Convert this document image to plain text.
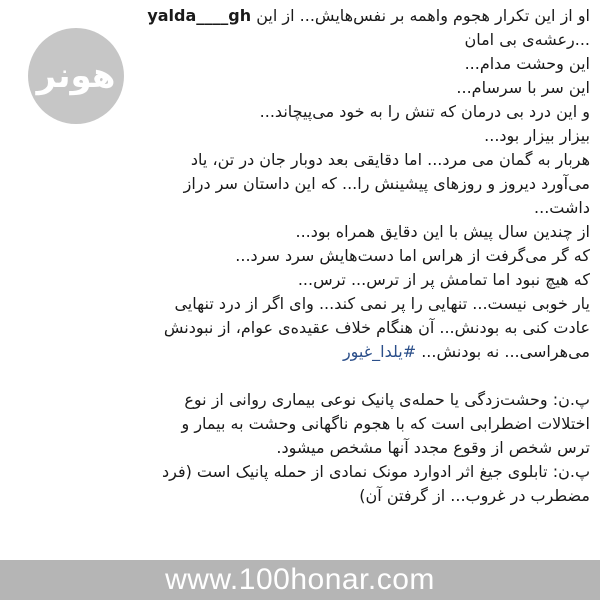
او از این تکرار هجوم واهمه بر نفس‌هایش... از این yalda____gh
...رعشه‌ی بی امان
این وحشت مدام...
این سر با سرسام...
و این درد بی درمان که تنش را به خود می‌پیچاند...
بیزار بیزار بود...
هربار به گمان می مرد... اما دقایقی بعد دوبار جان در تن، یاد
می‌آورد دیروز و روزهای پیشینش را... که این داستان سر دراز
داشت...
از چندین سال پیش با این دقایق همراه بود...
که گر می‌گرفت از هراس اما دست‌هایش سرد سرد...
که هیچ نبود اما تمامش پر از ترس... ترس...
یار خوبی نیست... تنهایی را پر نمی کند... وای اگر از درد تنهایی
عادت کنی به بودنش... آن هنگام خلاف عقیده‌ی عوام، از نبودنش
می‌هراسی... نه بودنش... #یلدا_غیور
پ.ن: وحشت‌زدگی یا حمله‌ی پانیک نوعی بیماری روانی از نوع
اختلالات اضطرابی است که با هجوم ناگهانی وحشت به بیمار و
ترس شخص از وقوع مجدد آنها مشخص میشود.
پ.ن: تابلوی جیغ اثر ادوارد مونک نمادی از حمله پانیک است (فرد
مضطرب در غروب... از گرفتن آن)
هونر
www.100honar.com
